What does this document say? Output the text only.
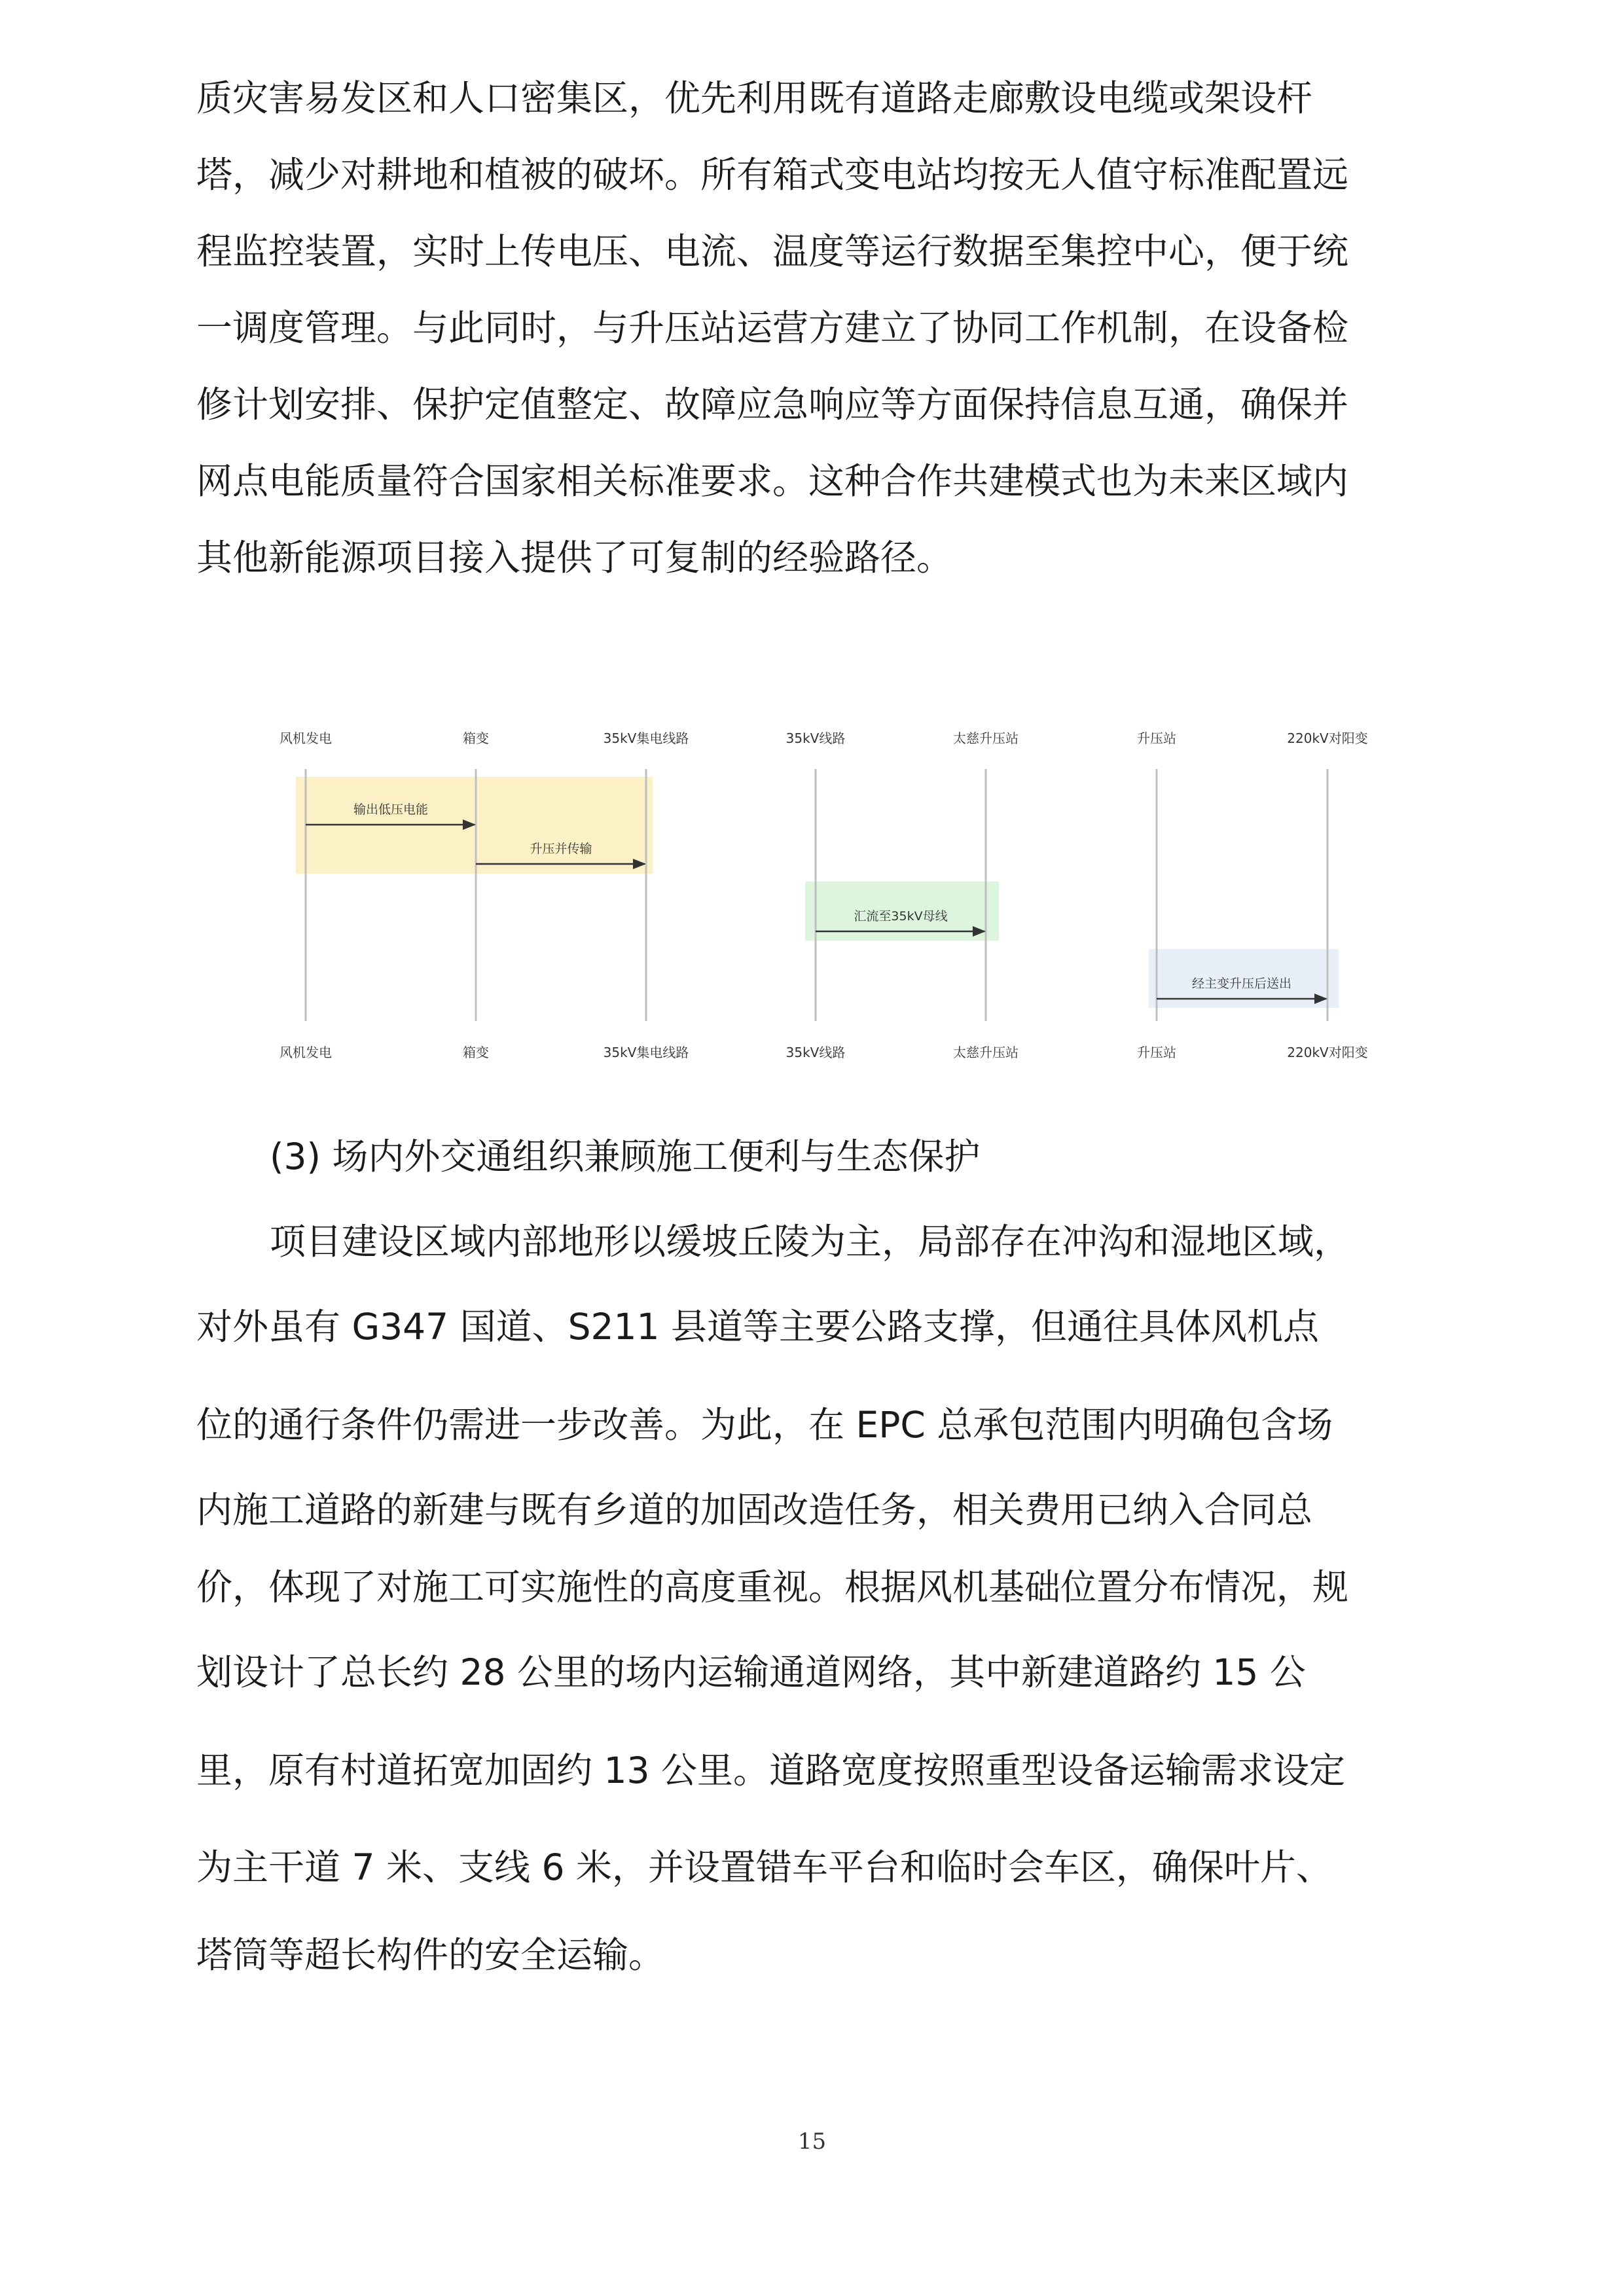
质灾害易发区和人口密集区，优先利用既有道路走廊敷设电缆或架设杆
塔，减少对耕地和植被的破坏。所有箱式变电站均按无人值守标准配置远
程监控装置，实时上传电压、电流、温度等运行数据至集控中心，便于统
一调度管理。与此同时，与升压站运营方建立了协同工作机制，在设备检
修计划安排、保护定值整定、故障应急响应等方面保持信息互通，确保并
网点电能质量符合国家相关标准要求。这种合作共建模式也为未来区域内
其他新能源项目接入提供了可复制的经验路径。
风机发电	箱变	35kV集电线路	35kV线路	太慈升压站	升压站	220kV对阳变
风机发电	箱变	35kV集电线路	35kV线路	太慈升压站	升压站	220kV对阳变
输出低压电能
升压并传输
汇流至35kV母线
经主变升压后送出
(3) 场内外交通组织兼顾施工便利与生态保护
项目建设区域内部地形以缓坡丘陵为主，局部存在冲沟和湿地区域，
对外虽有 G347 国道、S211 县道等主要公路支撑，但通往具体风机点
位的通行条件仍需进一步改善。为此，在 EPC 总承包范围内明确包含场
内施工道路的新建与既有乡道的加固改造任务，相关费用已纳入合同总
价，体现了对施工可实施性的高度重视。根据风机基础位置分布情况，规
划设计了总长约 28 公里的场内运输通道网络，其中新建道路约 15 公
里，原有村道拓宽加固约 13 公里。道路宽度按照重型设备运输需求设定
为主干道 7 米、支线 6 米，并设置错车平台和临时会车区，确保叶片、
塔筒等超长构件的安全运输。
15
